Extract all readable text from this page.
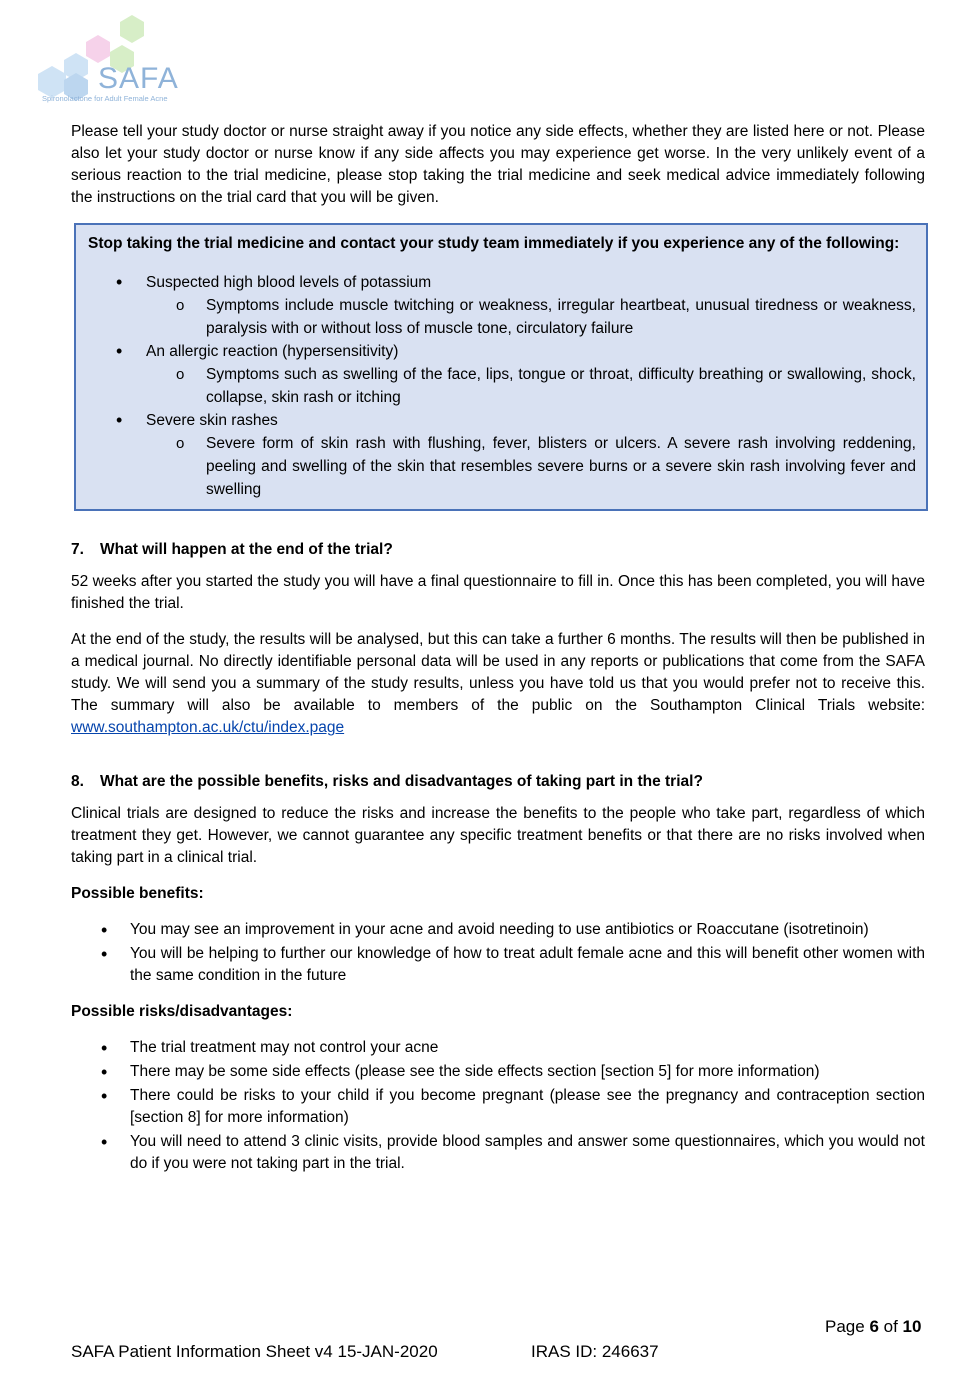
SAFA
Spironolactone for Adult Female Acne

Please tell your study doctor or nurse straight away if you notice any side effects, whether they are listed here or not. Please also let your study doctor or nurse know if any side affects you may experience get worse. In the very unlikely event of a serious reaction to the trial medicine, please stop taking the trial medicine and seek medical advice immediately following the instructions on the trial card that you will be given.

Stop taking the trial medicine and contact your study team immediately if you experience any of the following:
• Suspected high blood levels of potassium
o Symptoms include muscle twitching or weakness, irregular heartbeat, unusual tiredness or weakness, paralysis with or without loss of muscle tone, circulatory failure
• An allergic reaction (hypersensitivity)
o Symptoms such as swelling of the face, lips, tongue or throat, difficulty breathing or swallowing, shock, collapse, skin rash or itching
• Severe skin rashes
o Severe form of skin rash with flushing, fever, blisters or ulcers. A severe rash involving reddening, peeling and swelling of the skin that resembles severe burns or a severe skin rash involving fever and swelling
7. What will happen at the end of the trial?

52 weeks after you started the study you will have a final questionnaire to fill in. Once this has been completed, you will have finished the trial.

At the end of the study, the results will be analysed, but this can take a further 6 months. The results will then be published in a medical journal. No directly identifiable personal data will be used in any reports or publications that come from the SAFA study. We will send you a summary of the study results, unless you have told us that you would prefer not to receive this. The summary will also be available to members of the public on the Southampton Clinical Trials website: www.southampton.ac.uk/ctu/index.page

8. What are the possible benefits, risks and disadvantages of taking part in the trial?

Clinical trials are designed to reduce the risks and increase the benefits to the people who take part, regardless of which treatment they get. However, we cannot guarantee any specific treatment benefits or that there are no risks involved when taking part in a clinical trial.

Possible benefits:
• You may see an improvement in your acne and avoid needing to use antibiotics or Roaccutane (isotretinoin)
• You will be helping to further our knowledge of how to treat adult female acne and this will benefit other women with the same condition in the future
Possible risks/disadvantages:
• The trial treatment may not control your acne
• There may be some side effects (please see the side effects section [section 5] for more information)
• There could be risks to your child if you become pregnant (please see the pregnancy and contraception section [section 8] for more information)
• You will need to attend 3 clinic visits, provide blood samples and answer some questionnaires, which you would not do if you were not taking part in the trial.
Page 6 of 10
SAFA Patient Information Sheet v4 15-JAN-2020	IRAS ID: 246637
